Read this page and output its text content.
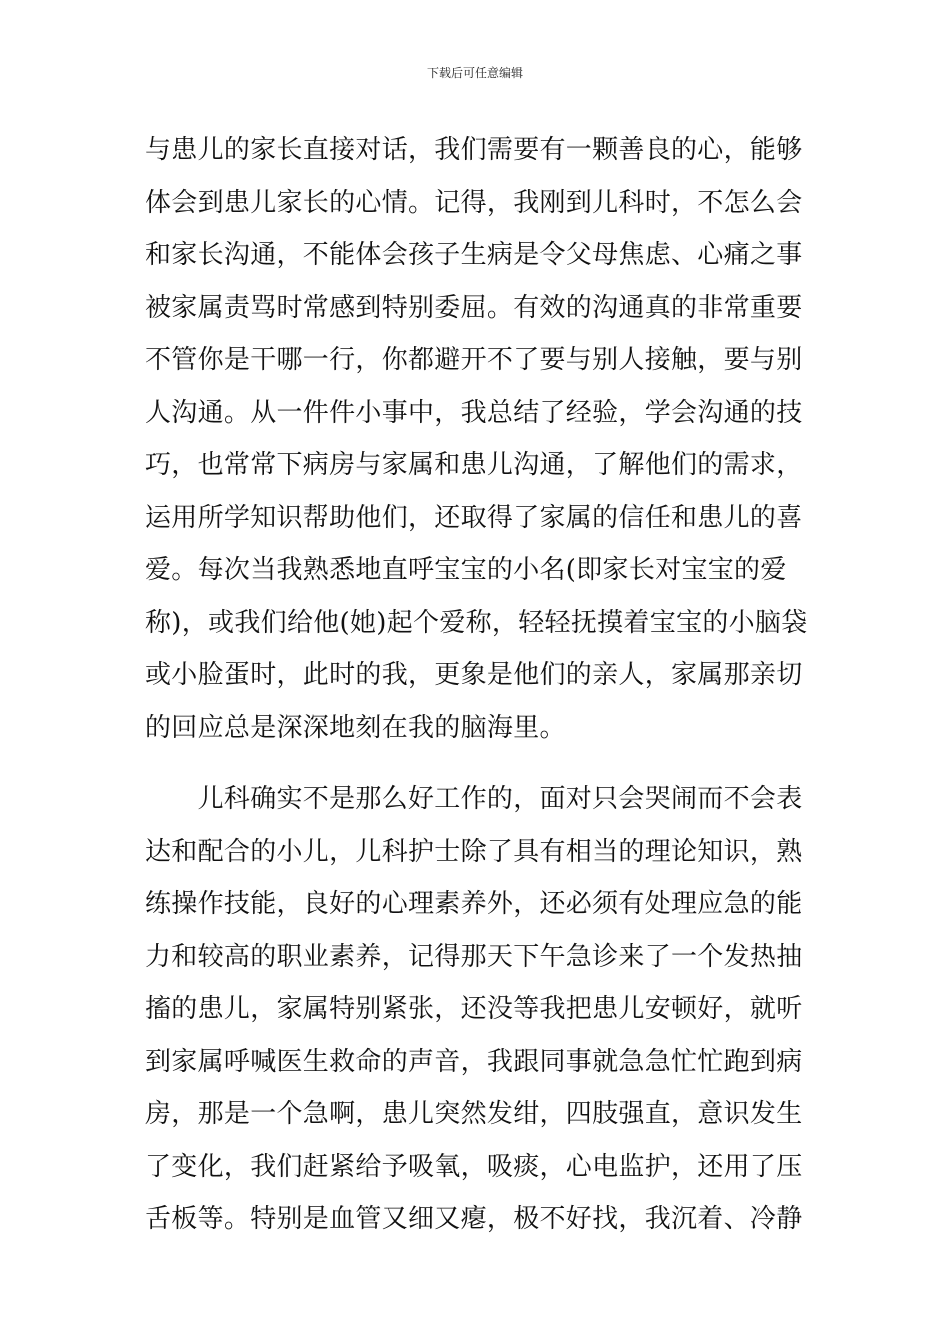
下载后可任意编辑
与患儿的家长直接对话，我们需要有一颗善良的心，能够
体会到患儿家长的心情。记得，我刚到儿科时，不怎么会
和家长沟通，不能体会孩子生病是令父母焦虑、心痛之事
被家属责骂时常感到特别委屈。有效的沟通真的非常重要
不管你是干哪一行，你都避开不了要与别人接触，要与别
人沟通。从一件件小事中，我总结了经验，学会沟通的技
巧，也常常下病房与家属和患儿沟通，了解他们的需求，
运用所学知识帮助他们，还取得了家属的信任和患儿的喜
爱。每次当我熟悉地直呼宝宝的小名(即家长对宝宝的爱
称)，或我们给他(她)起个爱称，轻轻抚摸着宝宝的小脑袋
或小脸蛋时，此时的我，更象是他们的亲人，家属那亲切
的回应总是深深地刻在我的脑海里。
　　儿科确实不是那么好工作的，面对只会哭闹而不会表
达和配合的小儿，儿科护士除了具有相当的理论知识，熟
练操作技能，良好的心理素养外，还必须有处理应急的能
力和较高的职业素养，记得那天下午急诊来了一个发热抽
搐的患儿，家属特别紧张，还没等我把患儿安顿好，就听
到家属呼喊医生救命的声音，我跟同事就急急忙忙跑到病
房，那是一个急啊，患儿突然发绀，四肢强直，意识发生
了变化，我们赶紧给予吸氧，吸痰，心电监护，还用了压
舌板等。特别是血管又细又瘪，极不好找，我沉着、冷静
